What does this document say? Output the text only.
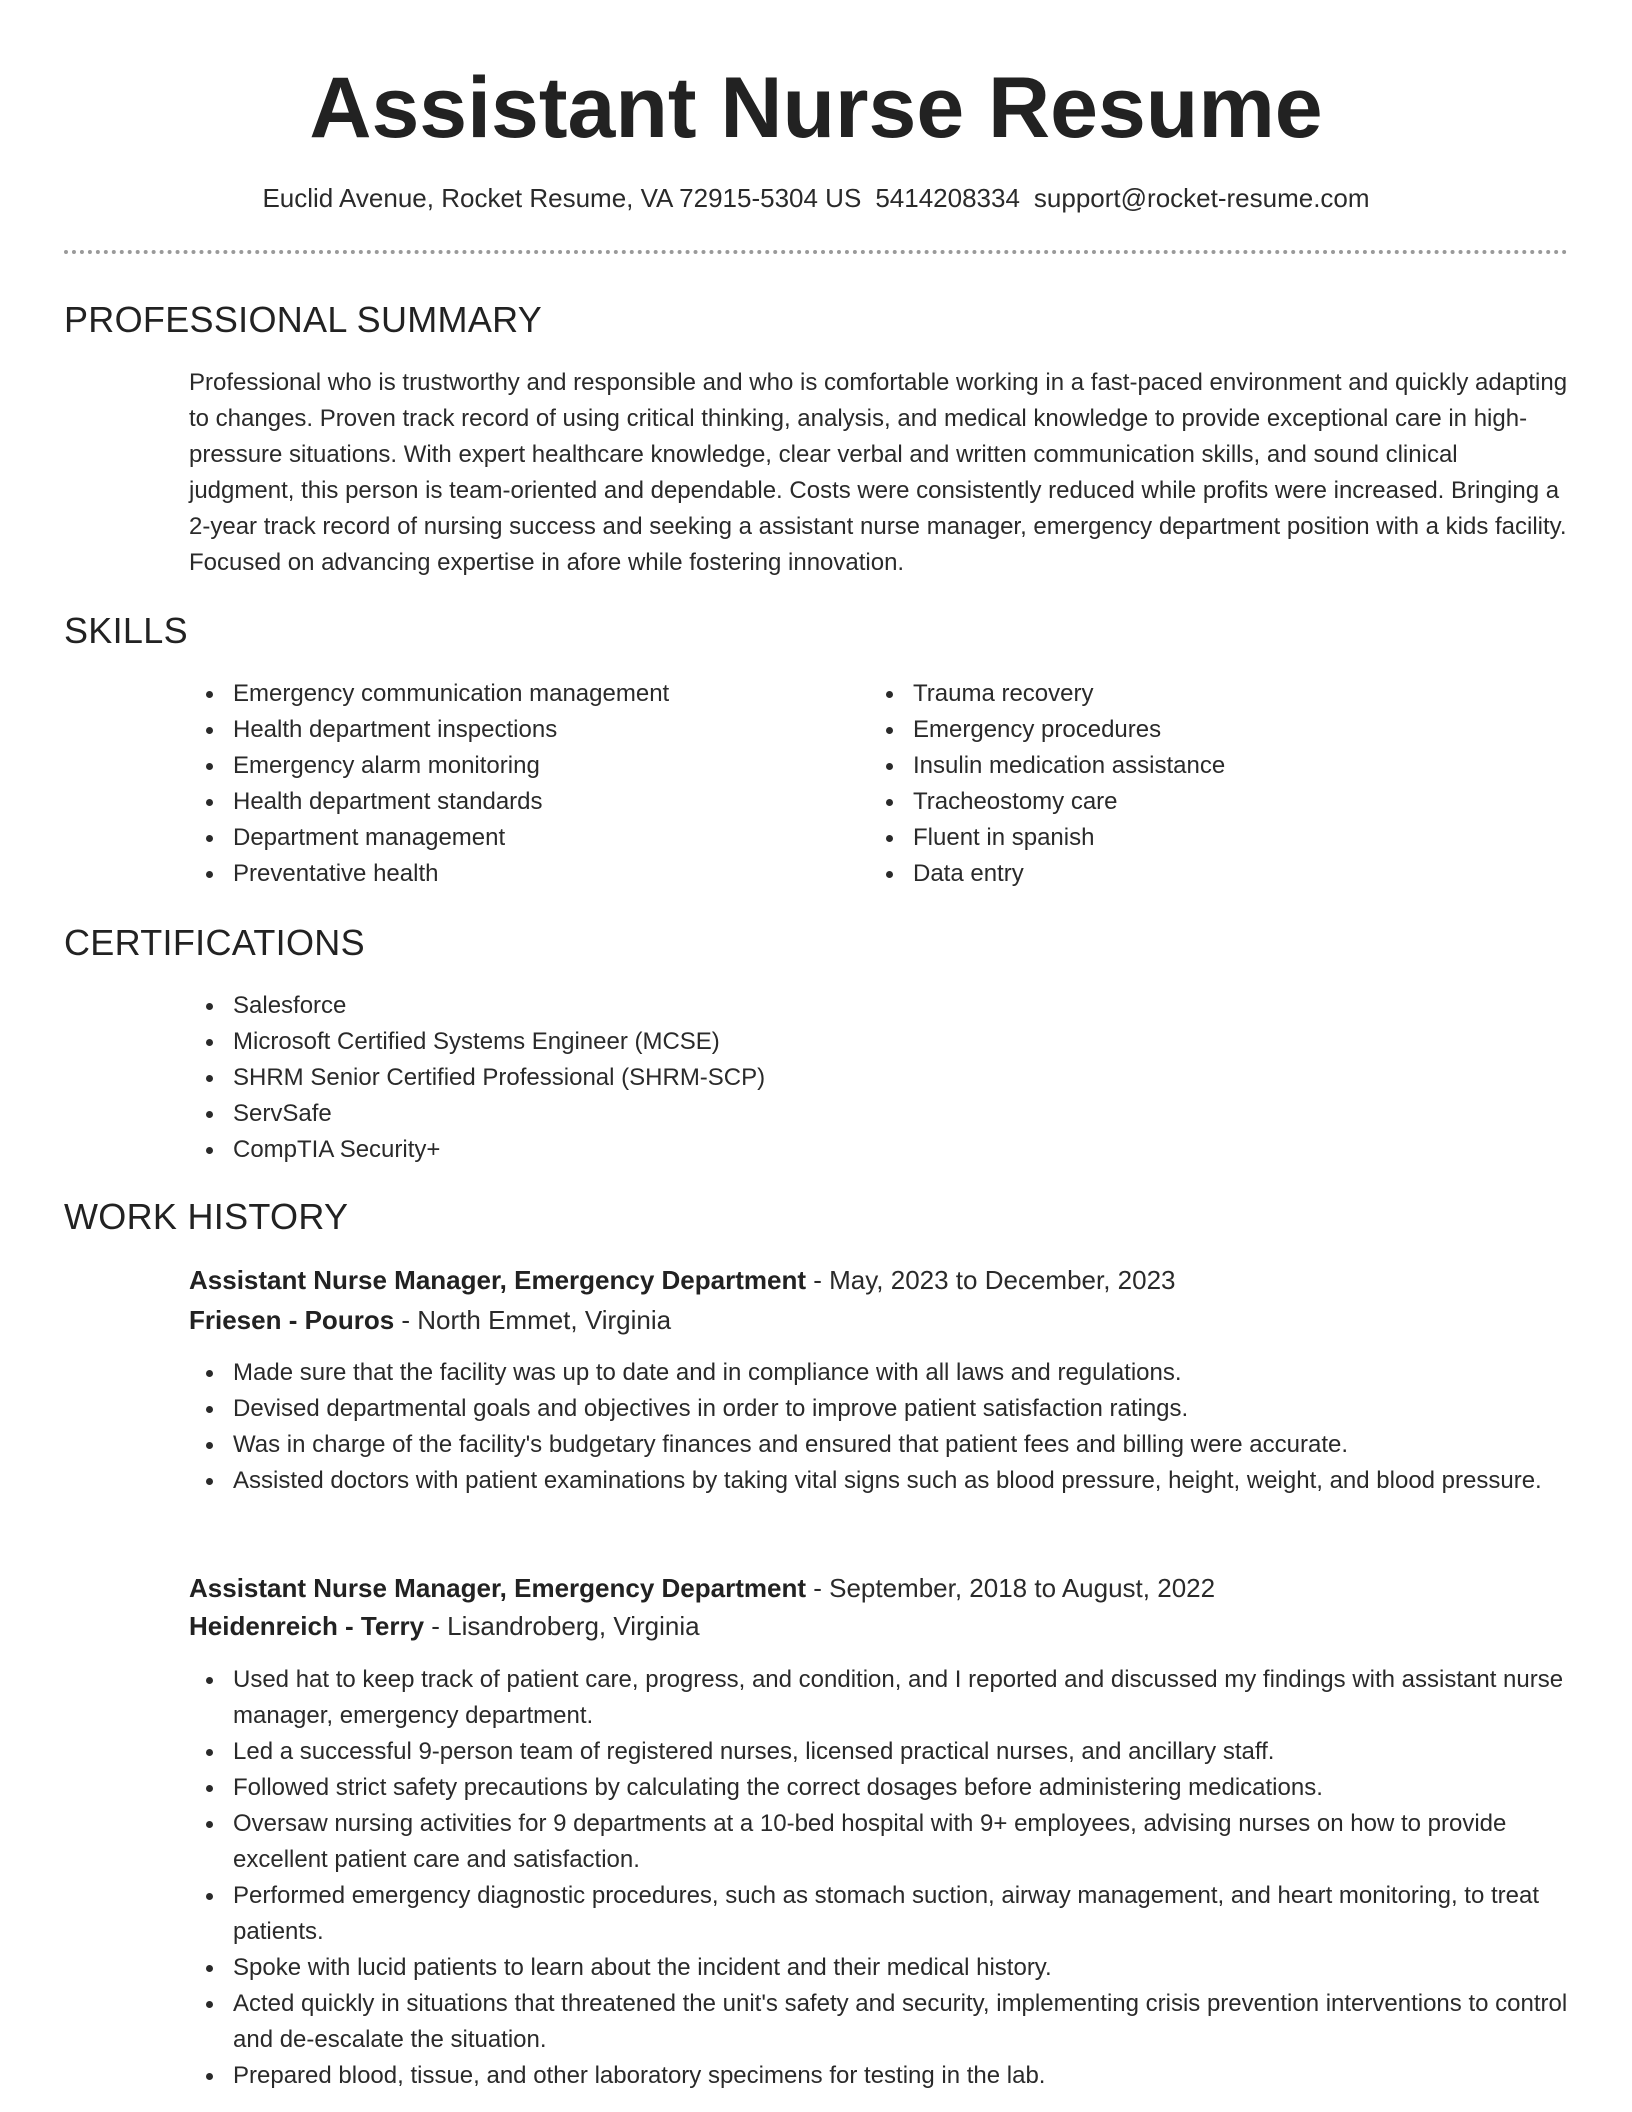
Assistant Nurse Resume
Euclid Avenue, Rocket Resume, VA 72915-5304 US 5414208334 support@rocket-resume.com
PROFESSIONAL SUMMARY

Professional who is trustworthy and responsible and who is comfortable working in a fast-paced environment and quickly adapting to changes. Proven track record of using critical thinking, analysis, and medical knowledge to provide exceptional care in high-pressure situations. With expert healthcare knowledge, clear verbal and written communication skills, and sound clinical judgment, this person is team-oriented and dependable. Costs were consistently reduced while profits were increased. Bringing a 2-year track record of nursing success and seeking a assistant nurse manager, emergency department position with a kids facility. Focused on advancing expertise in afore while fostering innovation.

SKILLS
Emergency communication management
Health department inspections
Emergency alarm monitoring
Health department standards
Department management
Preventative health
Trauma recovery
Emergency procedures
Insulin medication assistance
Tracheostomy care
Fluent in spanish
Data entry
CERTIFICATIONS
Salesforce
Microsoft Certified Systems Engineer (MCSE)
SHRM Senior Certified Professional (SHRM-SCP)
ServSafe
CompTIA Security+
WORK HISTORY
Assistant Nurse Manager, Emergency Department - May, 2023 to December, 2023
Friesen - Pouros - North Emmet, Virginia
Made sure that the facility was up to date and in compliance with all laws and regulations.
Devised departmental goals and objectives in order to improve patient satisfaction ratings.
Was in charge of the facility's budgetary finances and ensured that patient fees and billing were accurate.
Assisted doctors with patient examinations by taking vital signs such as blood pressure, height, weight, and blood pressure.
Assistant Nurse Manager, Emergency Department - September, 2018 to August, 2022
Heidenreich - Terry - Lisandroberg, Virginia
Used hat to keep track of patient care, progress, and condition, and I reported and discussed my findings with assistant nurse manager, emergency department.
Led a successful 9-person team of registered nurses, licensed practical nurses, and ancillary staff.
Followed strict safety precautions by calculating the correct dosages before administering medications.
Oversaw nursing activities for 9 departments at a 10-bed hospital with 9+ employees, advising nurses on how to provide excellent patient care and satisfaction.
Performed emergency diagnostic procedures, such as stomach suction, airway management, and heart monitoring, to treat patients.
Spoke with lucid patients to learn about the incident and their medical history.
Acted quickly in situations that threatened the unit's safety and security, implementing crisis prevention interventions to control and de-escalate the situation.
Prepared blood, tissue, and other laboratory specimens for testing in the lab.
